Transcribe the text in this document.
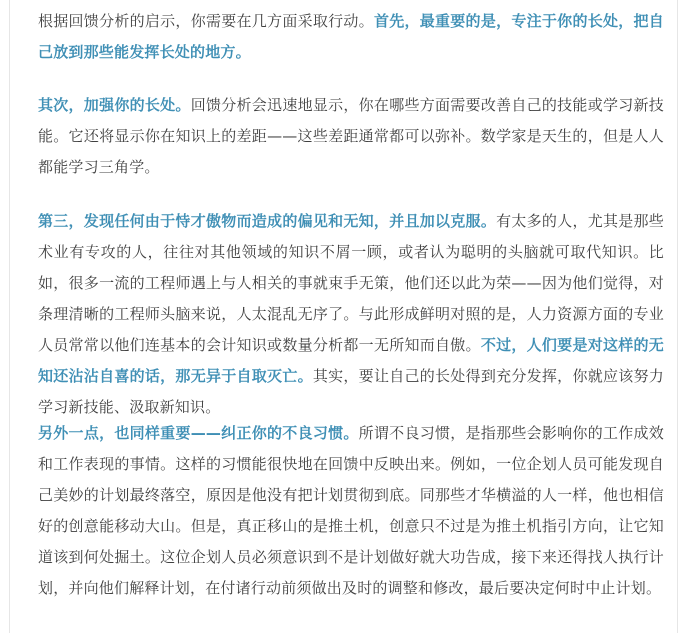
根据回馈分析的启示，你需要在几方面采取行动。首先，最重要的是，专注于你的长处，把自己放到那些能发挥长处的地方。

其次，加强你的长处。回馈分析会迅速地显示，你在哪些方面需要改善自己的技能或学习新技能。它还将显示你在知识上的差距——这些差距通常都可以弥补。数学家是天生的，但是人人都能学习三角学。

第三，发现任何由于恃才傲物而造成的偏见和无知，并且加以克服。有太多的人，尤其是那些术业有专攻的人，往往对其他领域的知识不屑一顾，或者认为聪明的头脑就可取代知识。比如，很多一流的工程师遇上与人相关的事就束手无策，他们还以此为荣——因为他们觉得，对条理清晰的工程师头脑来说，人太混乱无序了。与此形成鲜明对照的是，人力资源方面的专业人员常常以他们连基本的会计知识或数量分析都一无所知而自傲。不过，人们要是对这样的无知还沾沾自喜的话，那无异于自取灭亡。其实，要让自己的长处得到充分发挥，你就应该努力学习新技能、汲取新知识。

另外一点，也同样重要——纠正你的不良习惯。所谓不良习惯，是指那些会影响你的工作成效和工作表现的事情。这样的习惯能很快地在回馈中反映出来。例如，一位企划人员可能发现自己美妙的计划最终落空，原因是他没有把计划贯彻到底。同那些才华横溢的人一样，他也相信好的创意能移动大山。但是，真正移山的是推土机，创意只不过是为推土机指引方向，让它知道该到何处掘土。这位企划人员必须意识到不是计划做好就大功告成，接下来还得找人执行计划，并向他们解释计划，在付诸行动前须做出及时的调整和修改，最后要决定何时中止计划。
